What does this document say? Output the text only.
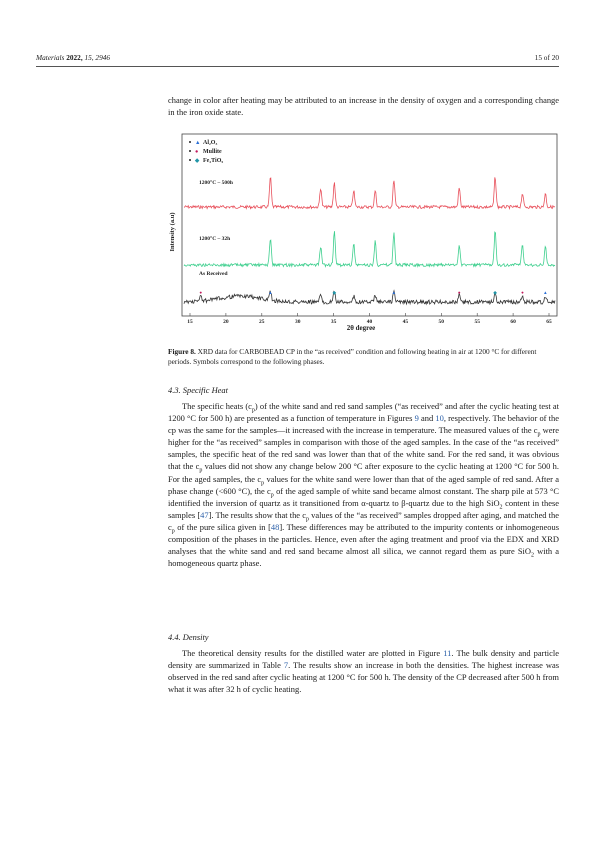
Materials 2022, 15, 2946	15 of 20

change in color after heating may be attributed to an increase in the density of oxygen and a corresponding change in the iron oxide state.

▲ Al₂O₃
● Mullite
◆ Fe₂TiO₅
●	▲	◆	▲	●	◆	●	▲
1200°C – 500h
1200°C – 32h
As Received
15	20	25	30	35	40	45	50	55	60	65
Intensity (a.u)
2θ degree
Figure 8. XRD data for CARBOBEAD CP in the “as received” condition and following heating in air at 1200 °C for different periods. Symbols correspond to the following phases.
4.3. Specific Heat

The specific heats $(c_p)$ of the white sand and red sand samples (“as received” and after the cyclic heating test at 1200 °C for 500 h) are presented as a function of temperature in Figures 9 and 10, respectively. The behavior of the cp was the same for the samples—it increased with the increase in temperature. The measured values of the $c_p$ were higher for the “as received” samples in comparison with those of the aged samples. In the case of the “as received” samples, the specific heat of the red sand was lower than that of the white sand. For the red sand, it was obvious that the $c_p$ values did not show any change below 200 °C after exposure to the cyclic heating at 1200 °C for 500 h. For the aged samples, the $c_p$ values for the white sand were lower than that of the aged sample of red sand. After a phase change (<600 °C), the $c_p$ of the aged sample of white sand became almost constant. The sharp pile at 573 °C identified the inversion of quartz as it transitioned from α-quartz to β-quartz due to the high SiO$_2$ content in these samples [47]. The results show that the $c_p$ values of the “as received” samples dropped after aging, and matched the $c_p$ of the pure silica given in [48]. These differences may be attributed to the impurity contents or inhomogeneous composition of the phases in the particles. Hence, even after the aging treatment and proof via the EDX and XRD analyses that the white sand and red sand became almost all silica, we cannot regard them as pure SiO$_2$ with a homogeneous quartz phase.

4.4. Density

The theoretical density results for the distilled water are plotted in Figure 11. The bulk density and particle density are summarized in Table 7. The results show an increase in both the densities. The highest increase was observed in the red sand after cyclic heating at 1200 °C for 500 h. The density of the CP decreased after 500 h from what it was after 32 h of cyclic heating.
